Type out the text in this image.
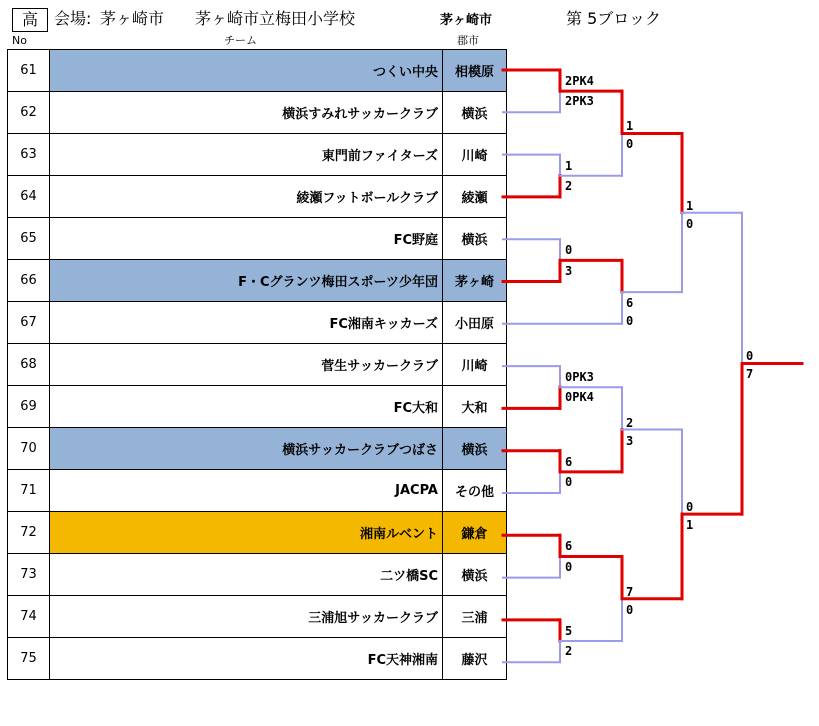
高	会場: 茅ヶ崎市 茅ヶ崎市立梅田小学校	茅ヶ崎市	第 5ブロック
No	チーム	郡市
61	つくい中央	相模原
62	横浜すみれサッカークラブ	横浜
63	東門前ファイターズ	川崎
64	綾瀬フットボールクラブ	綾瀬
65	FC野庭	横浜
66	F・Cグランツ梅田スポーツ少年団	茅ヶ崎
67	FC湘南キッカーズ	小田原
68	菅生サッカークラブ	川崎
69	FC大和	大和
70	横浜サッカークラブつばさ	横浜
71	JACPA	その他
72	湘南ルベント	鎌倉
73	二ツ橋SC	横浜
74	三浦旭サッカークラブ	三浦
75	FC天神湘南	藤沢
2PK4
2PK3
1
2
0
3
0PK3
0PK4
6
0
6
0
5
2
1
0
6
0
2
3
7
0
1
0
0
1
0
7
